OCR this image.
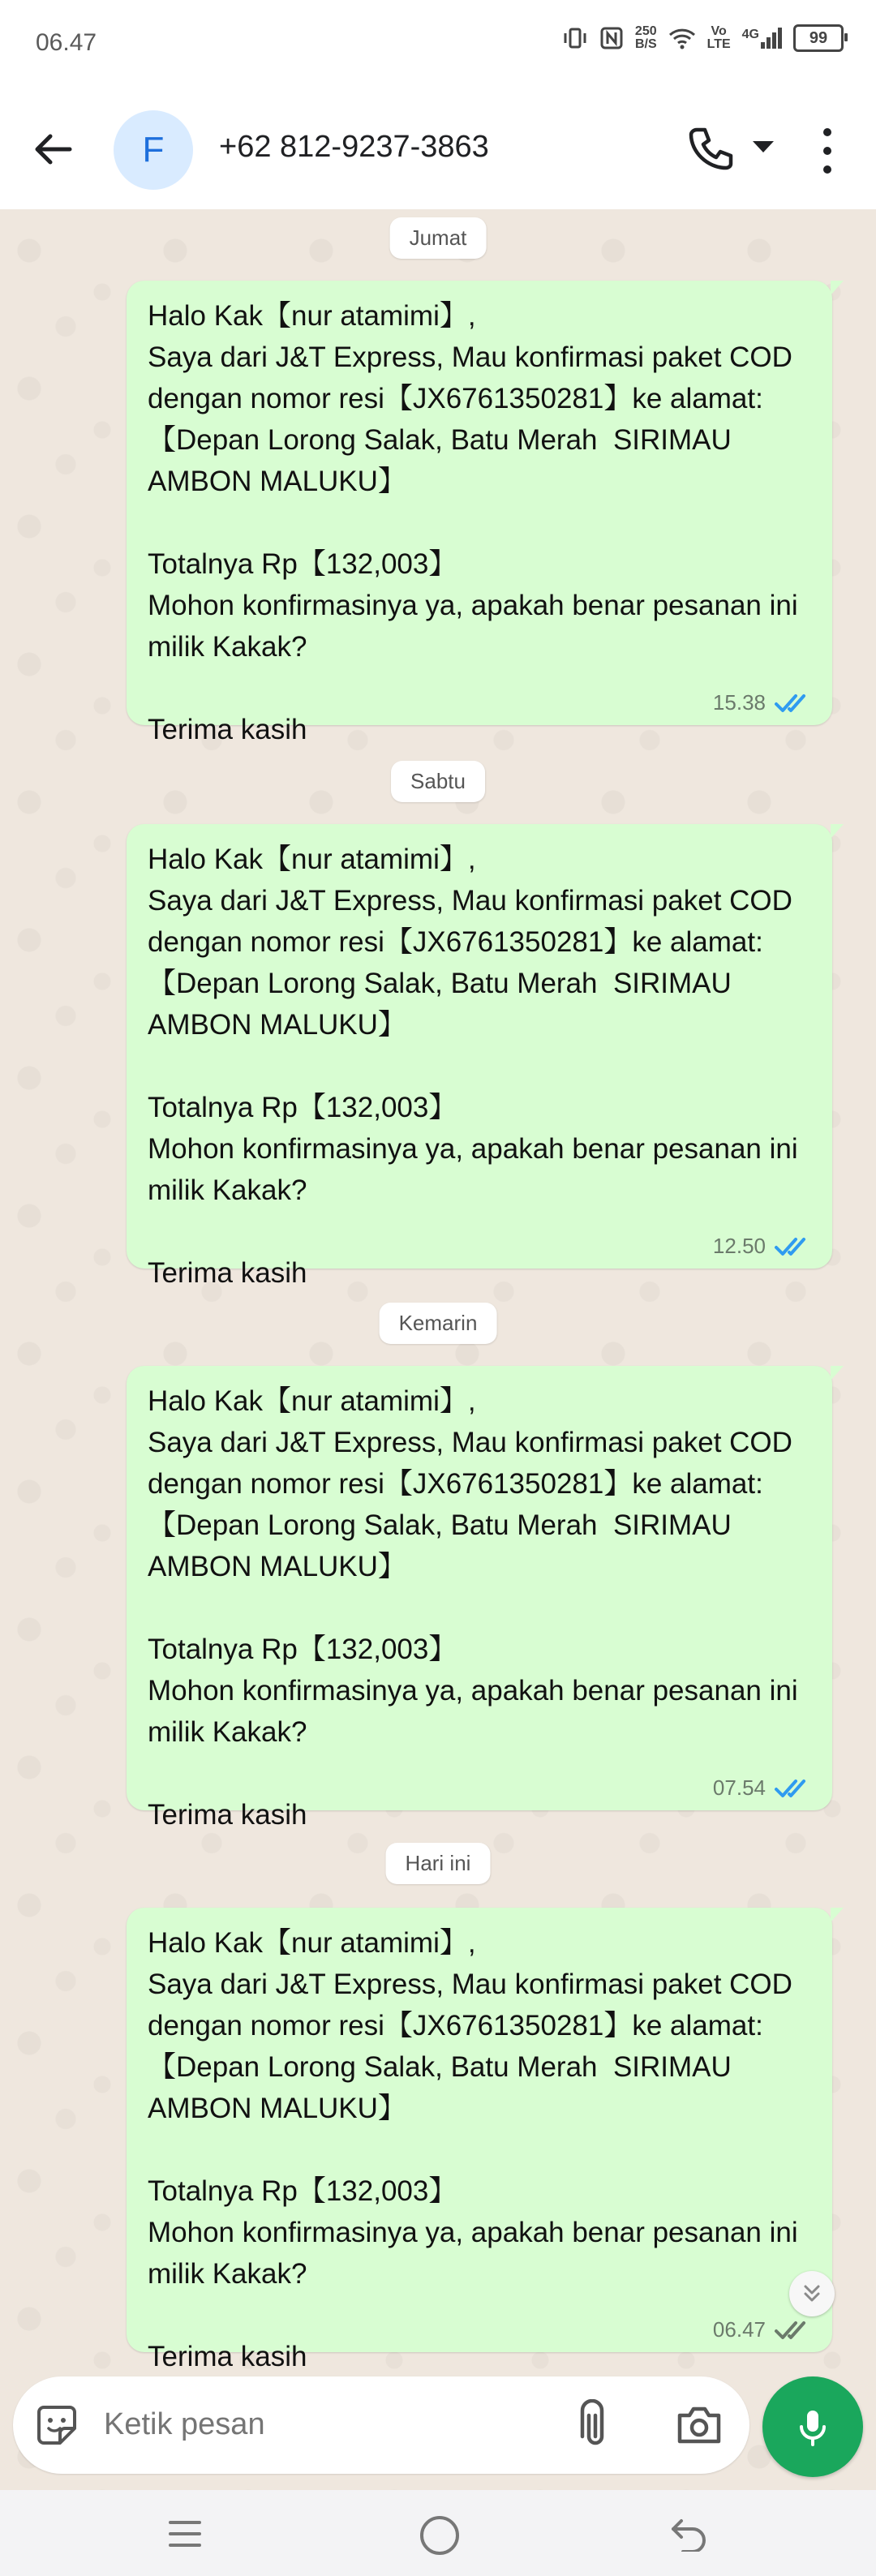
06.47	250
B/S
Vo
LTE
4G	99
F +62 812-9237-3863
Jumat
Halo Kak【nur atamimi】,
Saya dari J&T Express, Mau konfirmasi paket COD dengan nomor resi【JX6761350281】ke alamat:【Depan Lorong Salak, Batu Merah  SIRIMAU AMBON MALUKU】

Totalnya Rp【132,003】
Mohon konfirmasinya ya, apakah benar pesanan ini milik Kakak?

Terima kasih
15.38
Sabtu
Halo Kak【nur atamimi】,
Saya dari J&T Express, Mau konfirmasi paket COD dengan nomor resi【JX6761350281】ke alamat:【Depan Lorong Salak, Batu Merah  SIRIMAU AMBON MALUKU】

Totalnya Rp【132,003】
Mohon konfirmasinya ya, apakah benar pesanan ini milik Kakak?

Terima kasih
12.50
Kemarin
Halo Kak【nur atamimi】,
Saya dari J&T Express, Mau konfirmasi paket COD dengan nomor resi【JX6761350281】ke alamat:【Depan Lorong Salak, Batu Merah  SIRIMAU AMBON MALUKU】

Totalnya Rp【132,003】
Mohon konfirmasinya ya, apakah benar pesanan ini milik Kakak?

Terima kasih
07.54
Hari ini
Halo Kak【nur atamimi】,
Saya dari J&T Express, Mau konfirmasi paket COD dengan nomor resi【JX6761350281】ke alamat:【Depan Lorong Salak, Batu Merah  SIRIMAU AMBON MALUKU】

Totalnya Rp【132,003】
Mohon konfirmasinya ya, apakah benar pesanan ini milik Kakak?

Terima kasih
06.47
Ketik pesan
